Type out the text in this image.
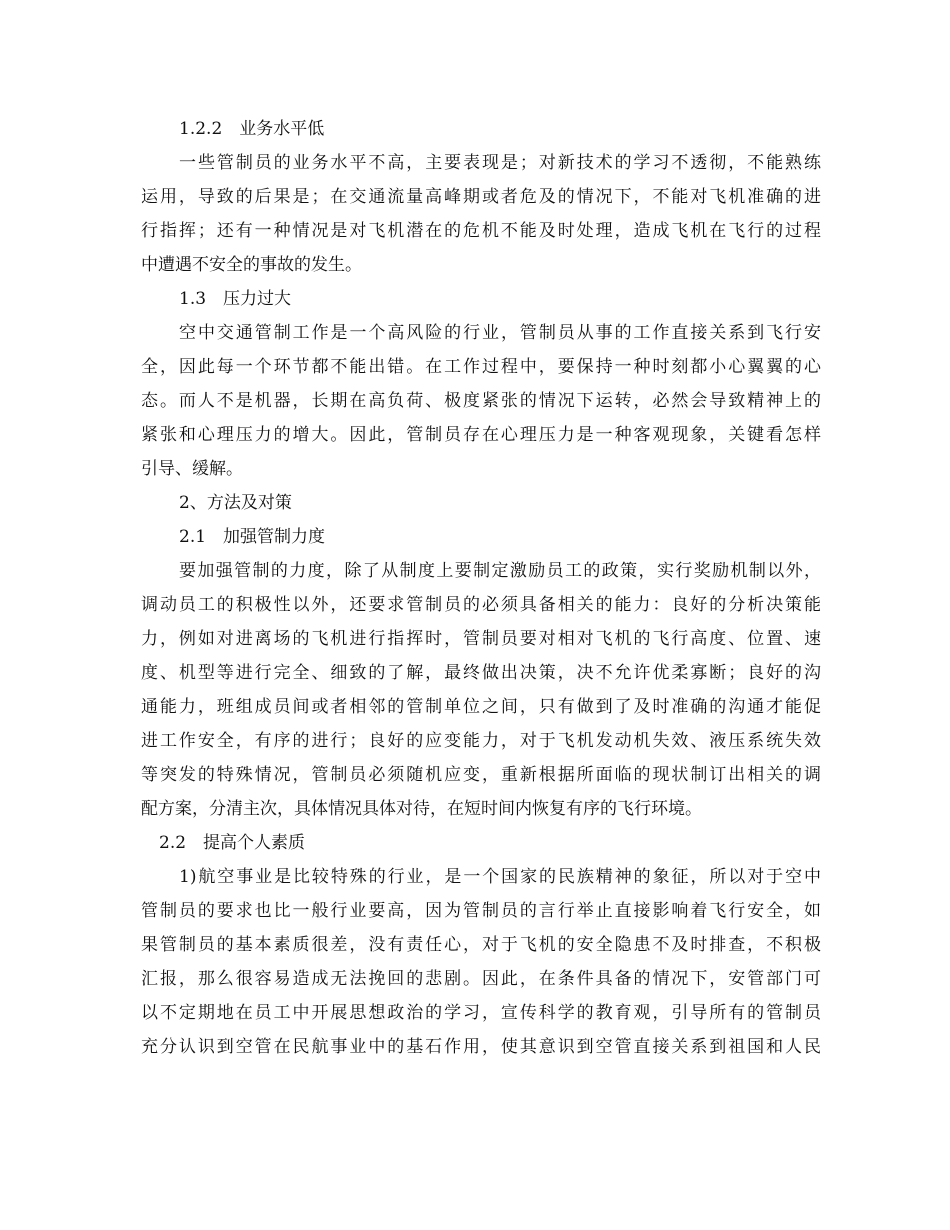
1.2.2　业务水平低
一些管制员的业务水平不高，主要表现是；对新技术的学习不透彻，不能熟练
运用，导致的后果是；在交通流量高峰期或者危及的情况下，不能对飞机准确的进
行指挥；还有一种情况是对飞机潜在的危机不能及时处理，造成飞机在飞行的过程
中遭遇不安全的事故的发生。
1.3　压力过大
空中交通管制工作是一个高风险的行业，管制员从事的工作直接关系到飞行安
全，因此每一个环节都不能出错。在工作过程中，要保持一种时刻都小心翼翼的心
态。而人不是机器，长期在高负荷、极度紧张的情况下运转，必然会导致精神上的
紧张和心理压力的增大。因此，管制员存在心理压力是一种客观现象，关键看怎样
引导、缓解。
2、方法及对策
2.1　加强管制力度
要加强管制的力度，除了从制度上要制定激励员工的政策，实行奖励机制以外，
调动员工的积极性以外，还要求管制员的必须具备相关的能力：良好的分析决策能
力，例如对进离场的飞机进行指挥时，管制员要对相对飞机的飞行高度、位置、速
度、机型等进行完全、细致的了解，最终做出决策，决不允许优柔寡断；良好的沟
通能力，班组成员间或者相邻的管制单位之间，只有做到了及时准确的沟通才能促
进工作安全，有序的进行；良好的应变能力，对于飞机发动机失效、液压系统失效
等突发的特殊情况，管制员必须随机应变，重新根据所面临的现状制订出相关的调
配方案，分清主次，具体情况具体对待，在短时间内恢复有序的飞行环境。
2.2　提高个人素质
1)航空事业是比较特殊的行业，是一个国家的民族精神的象征，所以对于空中
管制员的要求也比一般行业要高，因为管制员的言行举止直接影响着飞行安全，如
果管制员的基本素质很差，没有责任心，对于飞机的安全隐患不及时排查，不积极
汇报，那么很容易造成无法挽回的悲剧。因此，在条件具备的情况下，安管部门可
以不定期地在员工中开展思想政治的学习，宣传科学的教育观，引导所有的管制员
充分认识到空管在民航事业中的基石作用，使其意识到空管直接关系到祖国和人民
